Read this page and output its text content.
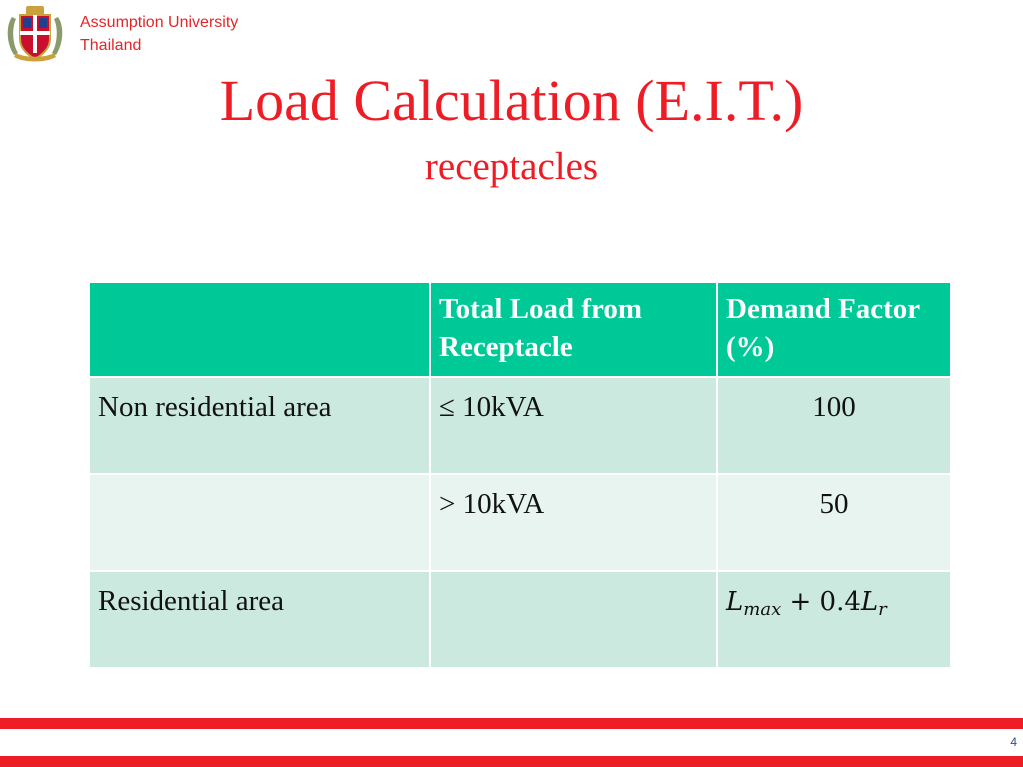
Assumption University
Thailand
Load Calculation (E.I.T.)
receptacles
	Total Load from Receptacle	Demand Factor (%)
Non residential area	≤ 10kVA	100
	> 10kVA	50
Residential area		$L_{max} + 0.4L_r$
4
